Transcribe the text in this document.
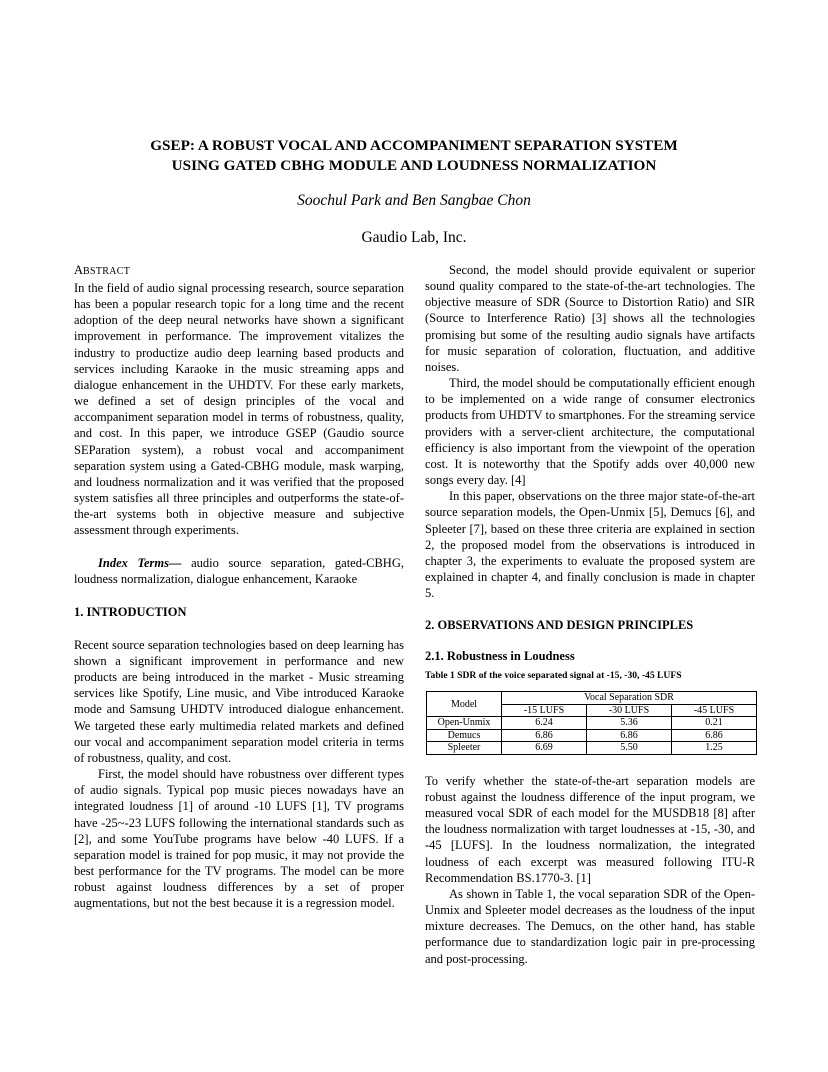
GSEP: A ROBUST VOCAL AND ACCOMPANIMENT SEPARATION SYSTEM
USING GATED CBHG MODULE AND LOUDNESS NORMALIZATION

Soochul Park and Ben Sangbae Chon

Gaudio Lab, Inc.

ABSTRACT

In the field of audio signal processing research, source separation has been a popular research topic for a long time and the recent adoption of the deep neural networks have shown a significant improvement in performance. The improvement vitalizes the industry to productize audio deep learning based products and services including Karaoke in the music streaming apps and dialogue enhancement in the UHDTV. For these early markets, we defined a set of design principles of the vocal and accompaniment separation model in terms of robustness, quality, and cost. In this paper, we introduce GSEP (Gaudio source SEParation system), a robust vocal and accompaniment separation system using a Gated-CBHG module, mask warping, and loudness normalization and it was verified that the proposed system satisfies all three principles and outperforms the state-of-the-art systems both in objective measure and subjective assessment through experiments.

Index Terms— audio source separation, gated-CBHG, loudness normalization, dialogue enhancement, Karaoke

1. INTRODUCTION

Recent source separation technologies based on deep learning has shown a significant improvement in performance and new products are being introduced in the market - Music streaming services like Spotify, Line music, and Vibe introduced Karaoke mode and Samsung UHDTV introduced dialogue enhancement. We targeted these early multimedia related markets and defined our vocal and accompaniment separation model criteria in terms of robustness, quality, and cost.

First, the model should have robustness over different types of audio signals. Typical pop music pieces nowadays have an integrated loudness [1] of around -10 LUFS [1], TV programs have -25~-23 LUFS following the international standards such as [2], and some YouTube programs have below -40 LUFS. If a separation model is trained for pop music, it may not provide the best performance for the TV programs. The model can be more robust against loudness differences by a set of proper augmentations, but not the best because it is a regression model.

Second, the model should provide equivalent or superior sound quality compared to the state-of-the-art technologies. The objective measure of SDR (Source to Distortion Ratio) and SIR (Source to Interference Ratio) [3] shows all the technologies promising but some of the resulting audio signals have artifacts for music separation of coloration, fluctuation, and additive noises.

Third, the model should be computationally efficient enough to be implemented on a wide range of consumer electronics products from UHDTV to smartphones. For the streaming service providers with a server-client architecture, the computational efficiency is also important from the viewpoint of the operation cost. It is noteworthy that the Spotify adds over 40,000 new songs every day. [4]

In this paper, observations on the three major state-of-the-art source separation models, the Open-Unmix [5], Demucs [6], and Spleeter [7], based on these three criteria are explained in section 2, the proposed model from the observations is introduced in chapter 3, the experiments to evaluate the proposed system are explained in chapter 4, and finally conclusion is made in chapter 5.

2. OBSERVATIONS AND DESIGN PRINCIPLES

2.1. Robustness in Loudness

Table 1 SDR of the voice separated signal at -15, -30, -45 LUFS

Model	Vocal Separation SDR		
	-15 LUFS	-30 LUFS	-45 LUFS
Open-Unmix	6.24	5.36	0.21
Demucs	6.86	6.86	6.86
Spleeter	6.69	5.50	1.25

To verify whether the state-of-the-art separation models are robust against the loudness difference of the input program, we measured vocal SDR of each model for the MUSDB18 [8] after the loudness normalization with target loudnesses at -15, -30, and -45 [LUFS]. In the loudness normalization, the integrated loudness of each excerpt was measured following ITU-R Recommendation BS.1770-3. [1]

As shown in Table 1, the vocal separation SDR of the Open-Unmix and Spleeter model decreases as the loudness of the input mixture decreases. The Demucs, on the other hand, has stable performance due to standardization logic pair in pre-processing and post-processing.
